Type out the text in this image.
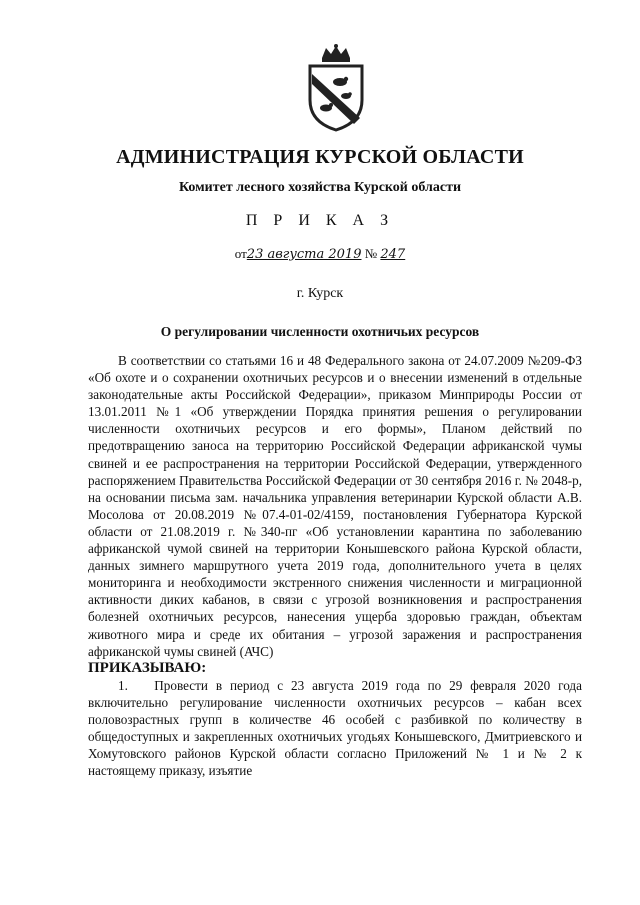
АДМИНИСТРАЦИЯ КУРСКОЙ ОБЛАСТИ
Комитет лесного хозяйства Курской области
П Р И К А З
от23 августа 2019 № 247
г. Курск
О регулировании численности охотничьих ресурсов

В соответствии со статьями 16 и 48 Федерального закона от 24.07.2009 №209-ФЗ «Об охоте и о сохранении охотничьих ресурсов и о внесении изменений в отдельные законодательные акты Российской Федерации», приказом Минприроды России от 13.01.2011 №1 «Об утверждении Порядка принятия решения о регулировании численности охотничьих ресурсов и его формы», Планом действий по предотвращению заноса на территорию Российской Федерации африканской чумы свиней и ее распространения на территории Российской Федерации, утвержденного распоряжением Правительства Российской Федерации от 30 сентября 2016 г. № 2048-р, на основании письма зам. начальника управления ветеринарии Курской области А.В. Мосолова от 20.08.2019 №07.4-01-02/4159, постановления Губернатора Курской области от 21.08.2019 г. №340-пг «Об установлении карантина по заболеванию африканской чумой свиней на территории Конышевского района Курской области, данных зимнего маршрутного учета 2019 года, дополнительного учета в целях мониторинга и необходимости экстренного снижения численности и миграционной активности диких кабанов, в связи с угрозой возникновения и распространения болезней охотничьих ресурсов, нанесения ущерба здоровью граждан, объектам животного мира и среде их обитания – угрозой заражения и распространения африканской чумы свиней (АЧС)

ПРИКАЗЫВАЮ:

1.  Провести в период с 23 августа 2019 года по 29 февраля 2020 года включительно регулирование численности охотничьих ресурсов – кабан всех половозрастных групп в количестве 46 особей с разбивкой по количеству в общедоступных и закрепленных охотничьих угодьях Конышевского, Дмитриевского и Хомутовского районов Курской области согласно Приложений № 1 и № 2 к настоящему приказу, изъятие
